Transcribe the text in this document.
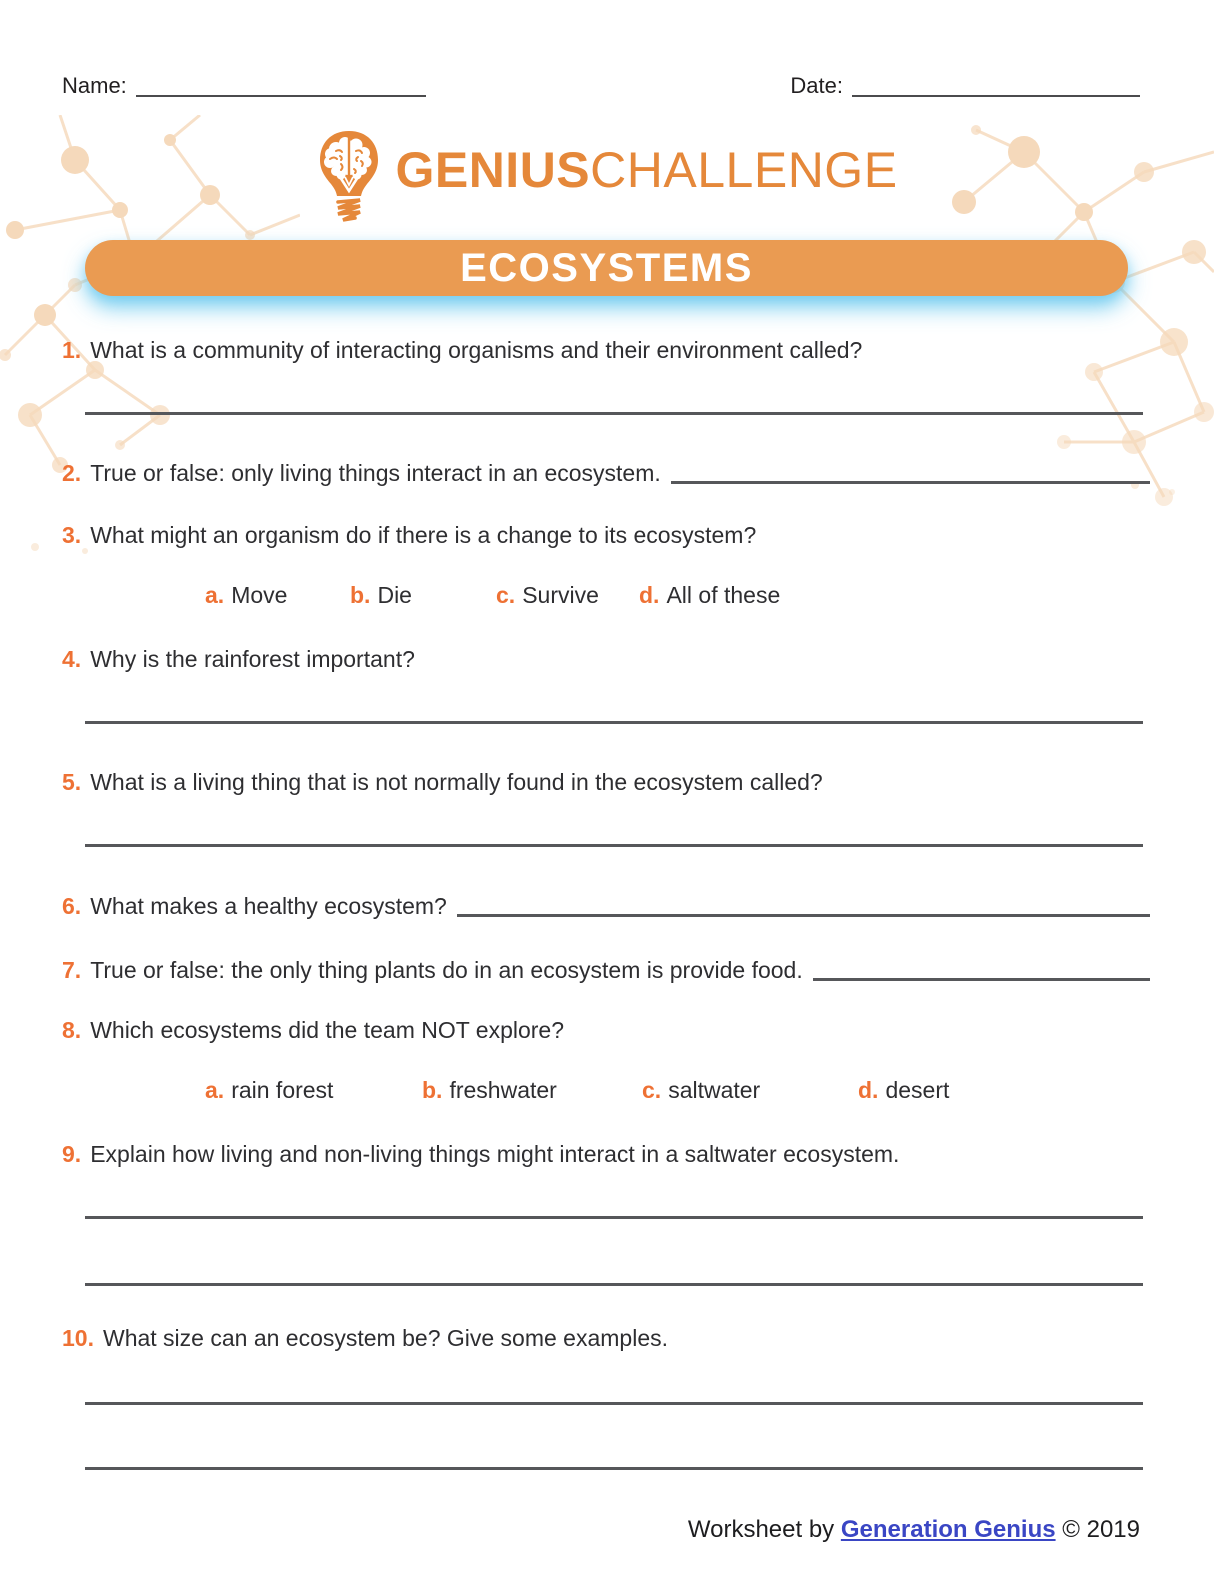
Name:	Date:
GENIUSCHALLENGE
ECOSYSTEMS
1. What is a community of interacting organisms and their environment called?
2. True or false: only living things interact in an ecosystem.
3. What might an organism do if there is a change to its ecosystem?
a. Move	b. Die	c. Survive	d. All of these
4. Why is the rainforest important?
5. What is a living thing that is not normally found in the ecosystem called?
6. What makes a healthy ecosystem?
7. True or false: the only thing plants do in an ecosystem is provide food.
8. Which ecosystems did the team NOT explore?
a. rain forest	b. freshwater	c. saltwater	d. desert
9. Explain how living and non-living things might interact in a saltwater ecosystem.
10. What size can an ecosystem be? Give some examples.
Worksheet by Generation Genius © 2019
